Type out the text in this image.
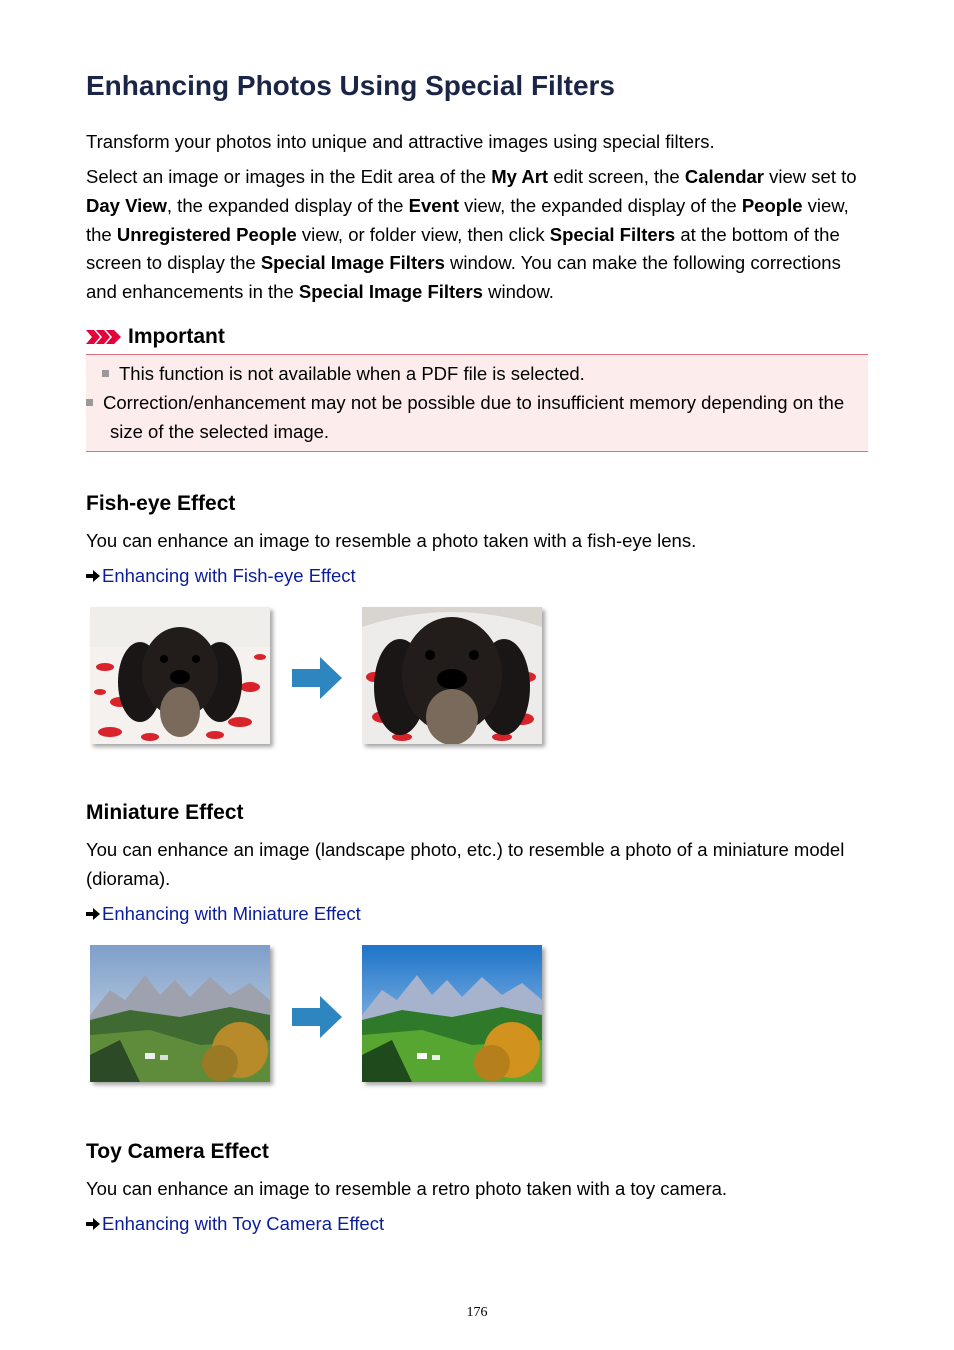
Enhancing Photos Using Special Filters

Transform your photos into unique and attractive images using special filters.

Select an image or images in the Edit area of the My Art edit screen, the Calendar view set to Day View, the expanded display of the Event view, the expanded display of the People view, the Unregistered People view, or folder view, then click Special Filters at the bottom of the screen to display the Special Image Filters window. You can make the following corrections and enhancements in the Special Image Filters window.

Important
This function is not available when a PDF file is selected.
Correction/enhancement may not be possible due to insufficient memory depending on the size of the selected image.
Fish-eye Effect

You can enhance an image to resemble a photo taken with a fish-eye lens.

Enhancing with Fish-eye Effect
Miniature Effect

You can enhance an image (landscape photo, etc.) to resemble a photo of a miniature model (diorama).

Enhancing with Miniature Effect
Toy Camera Effect

You can enhance an image to resemble a retro photo taken with a toy camera.

Enhancing with Toy Camera Effect
176
